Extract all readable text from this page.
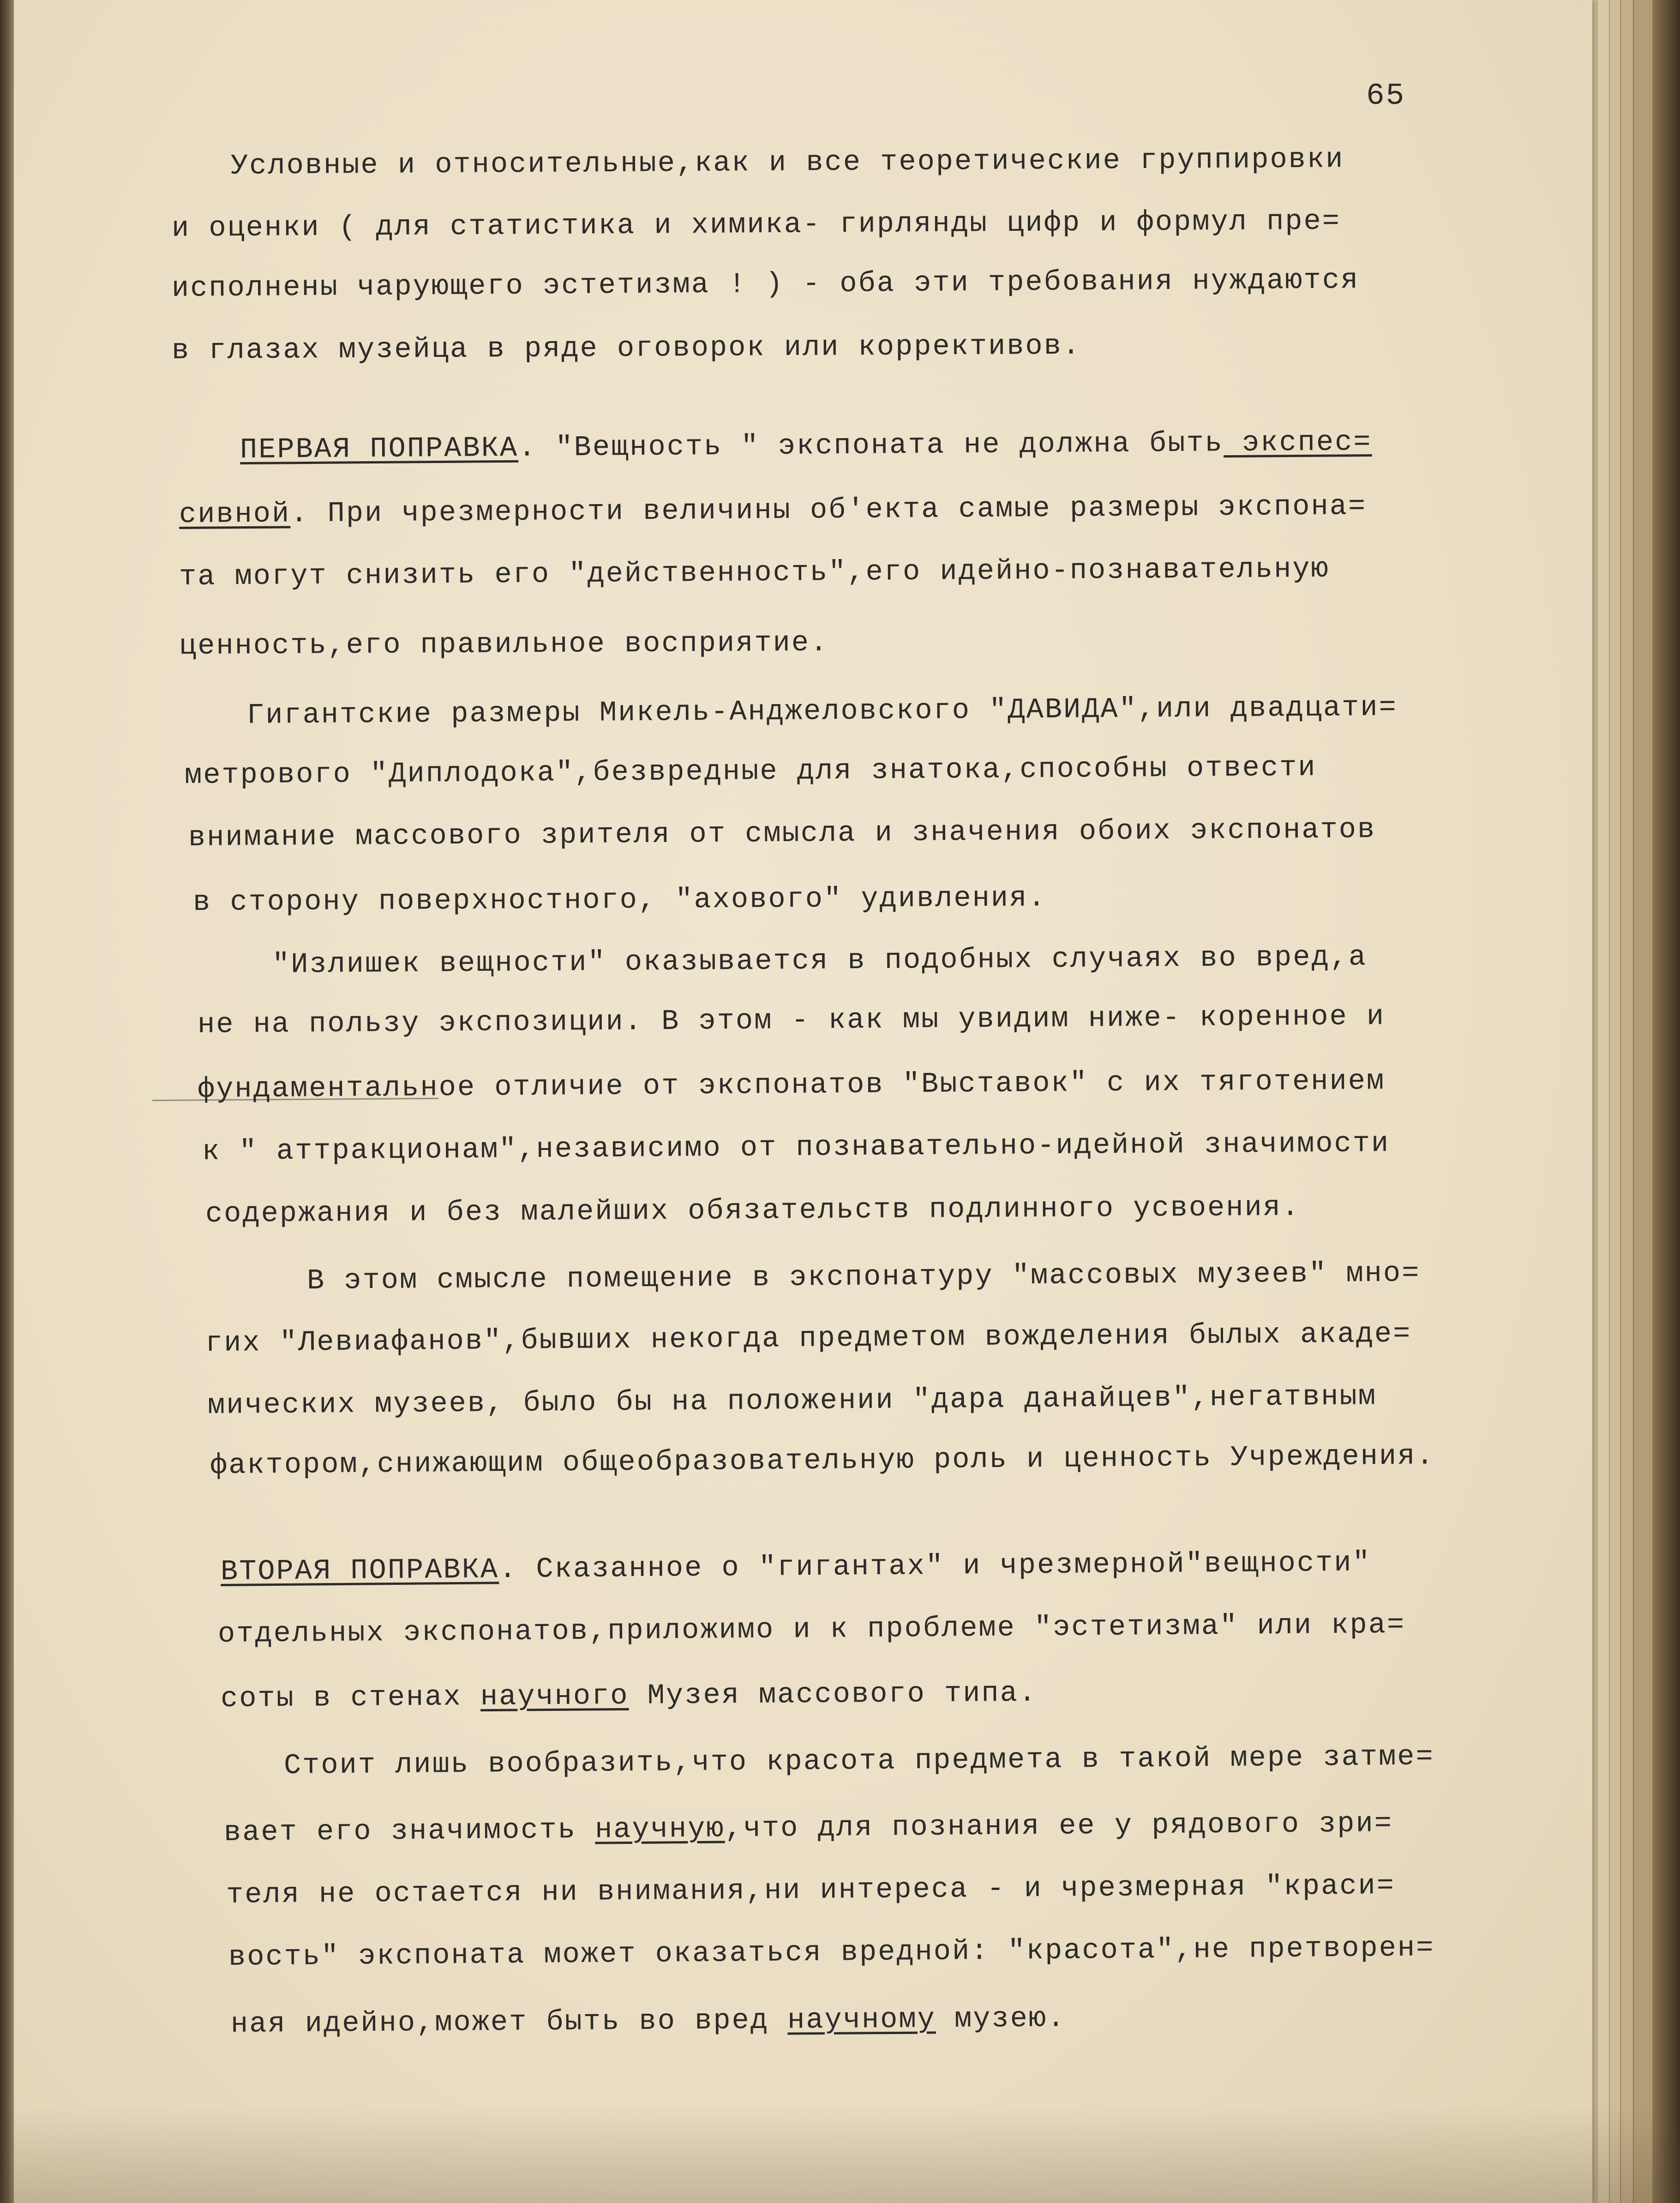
65
Условные и относительные,как и все теоретические группировки
и оценки ( для статистика и химика- гирлянды цифр и формул пре=
исполнены чарующего эстетизма ! ) - оба эти требования нуждаются
в глазах музейца в ряде оговорок или коррективов.
ПЕРВАЯ ПОПРАВКА. "Вещность " экспоната не должна быть экспес=
сивной. При чрезмерности величины об'екта самые размеры экспона=
та могут снизить его "действенность",его идейно-познавательную
ценность,его правильное восприятие.
Гигантские размеры Микель-Анджеловского "ДАВИДА",или двадцати=
метрового "Диплодока",безвредные для знатока,способны отвести
внимание массового зрителя от смысла и значения обоих экспонатов
в сторону поверхностного, "ахового" удивления.
"Излишек вещности" оказывается в подобных случаях во вред,а
не на пользу экспозиции. В этом - как мы увидим ниже- коренное и
фундаментальное отличие от экспонатов "Выставок" с их тяготением
к " аттракционам",независимо от познавательно-идейной значимости
содержания и без малейших обязательств подлинного усвоения.
В этом смысле помещение в экспонатуру "массовых музеев" мно=
гих "Левиафанов",бывших некогда предметом вожделения былых акаде=
мических музеев, было бы на положении "дара данайцев",негатвным
фактором,снижающим общеобразовательную роль и ценность Учреждения.
ВТОРАЯ ПОПРАВКА. Сказанное о "гигантах" и чрезмерной"вещности"
отдельных экспонатов,приложимо и к проблеме "эстетизма" или кра=
соты в стенах научного Музея массового типа.
Стоит лишь вообразить,что красота предмета в такой мере затме=
вает его значимость научную,что для познания ее у рядового зри=
теля не остается ни внимания,ни интереса - и чрезмерная "краси=
вость" экспоната может оказаться вредной: "красота",не претворен=
ная идейно,может быть во вред научному музею.
